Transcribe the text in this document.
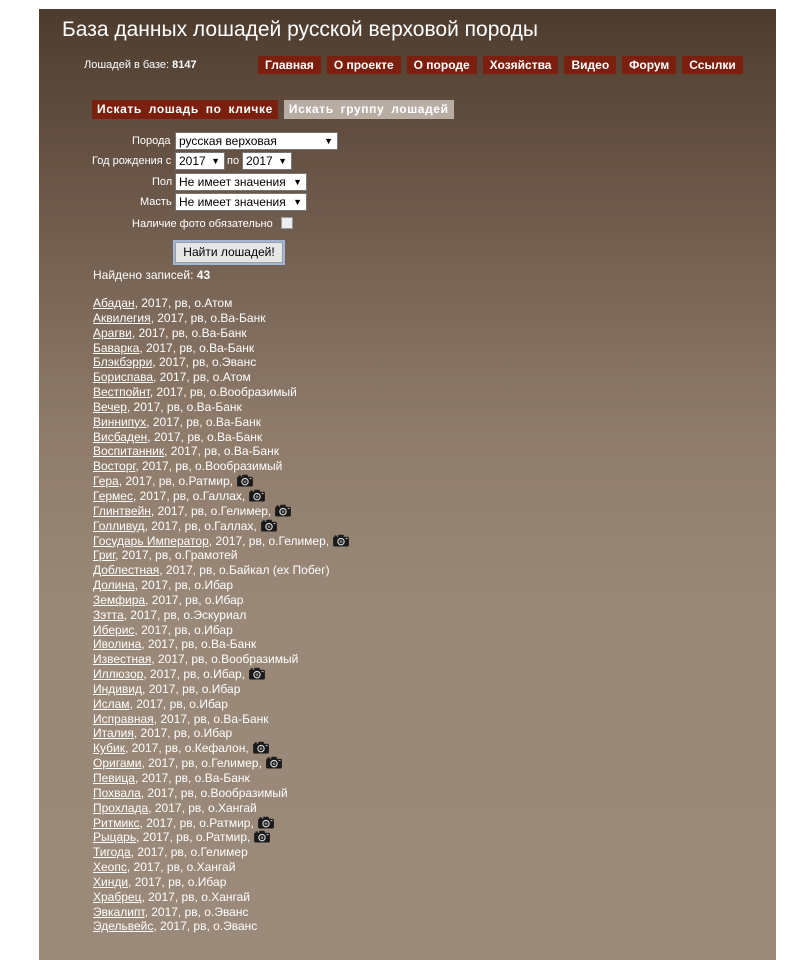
База данных лошадей русской верховой породы
Лошадей в базе: 8147	Главная	О проекте	О породе	Хозяйства	Видео	Форум	Ссылки
Искать лошадь по кличке	Искать группу лошадей
Порода русская верховая	▼
Год рождения с 2017 ▼ по 2017 ▼
Пол Не имеет значения ▼
Масть Не имеет значения ▼
Наличие фото обязательно
Найти лошадей!
Найдено записей: 43
Абадан, 2017, рв, о.Атом
Аквилегия, 2017, рв, о.Ва-Банк
Арагви, 2017, рв, о.Ва-Банк
Баварка, 2017, рв, о.Ва-Банк
Блэкбэрри, 2017, рв, о.Эванс
Бориспава, 2017, рв, о.Атом
Вестпойнт, 2017, рв, о.Вообразимый
Вечер, 2017, рв, о.Ва-Банк
Виннипух, 2017, рв, о.Ва-Банк
Висбаден, 2017, рв, о.Ва-Банк
Воспитанник, 2017, рв, о.Ва-Банк
Восторг, 2017, рв, о.Вообразимый
Гера, 2017, рв, о.Ратмир,
Гермес, 2017, рв, о.Галлах,
Глинтвейн, 2017, рв, о.Гелимер,
Голливуд, 2017, рв, о.Галлах,
Государь Император, 2017, рв, о.Гелимер,
Григ, 2017, рв, о.Грамотей
Доблестная, 2017, рв, о.Байкал (ех Побег)
Долина, 2017, рв, о.Ибар
Земфира, 2017, рв, о.Ибар
Зэтта, 2017, рв, о.Эскуриал
Иберис, 2017, рв, о.Ибар
Иволина, 2017, рв, о.Ва-Банк
Известная, 2017, рв, о.Вообразимый
Иллюзор, 2017, рв, о.Ибар,
Индивид, 2017, рв, о.Ибар
Ислам, 2017, рв, о.Ибар
Исправная, 2017, рв, о.Ва-Банк
Италия, 2017, рв, о.Ибар
Кубик, 2017, рв, о.Кефалон,
Оригами, 2017, рв, о.Гелимер,
Певица, 2017, рв, о.Ва-Банк
Похвала, 2017, рв, о.Вообразимый
Прохлада, 2017, рв, о.Хангай
Ритмикс, 2017, рв, о.Ратмир,
Рыцарь, 2017, рв, о.Ратмир,
Тигода, 2017, рв, о.Гелимер
Хеопс, 2017, рв, о.Хангай
Хинди, 2017, рв, о.Ибар
Храбрец, 2017, рв, о.Хангай
Эвкалипт, 2017, рв, о.Эванс
Эдельвейс, 2017, рв, о.Эванс
